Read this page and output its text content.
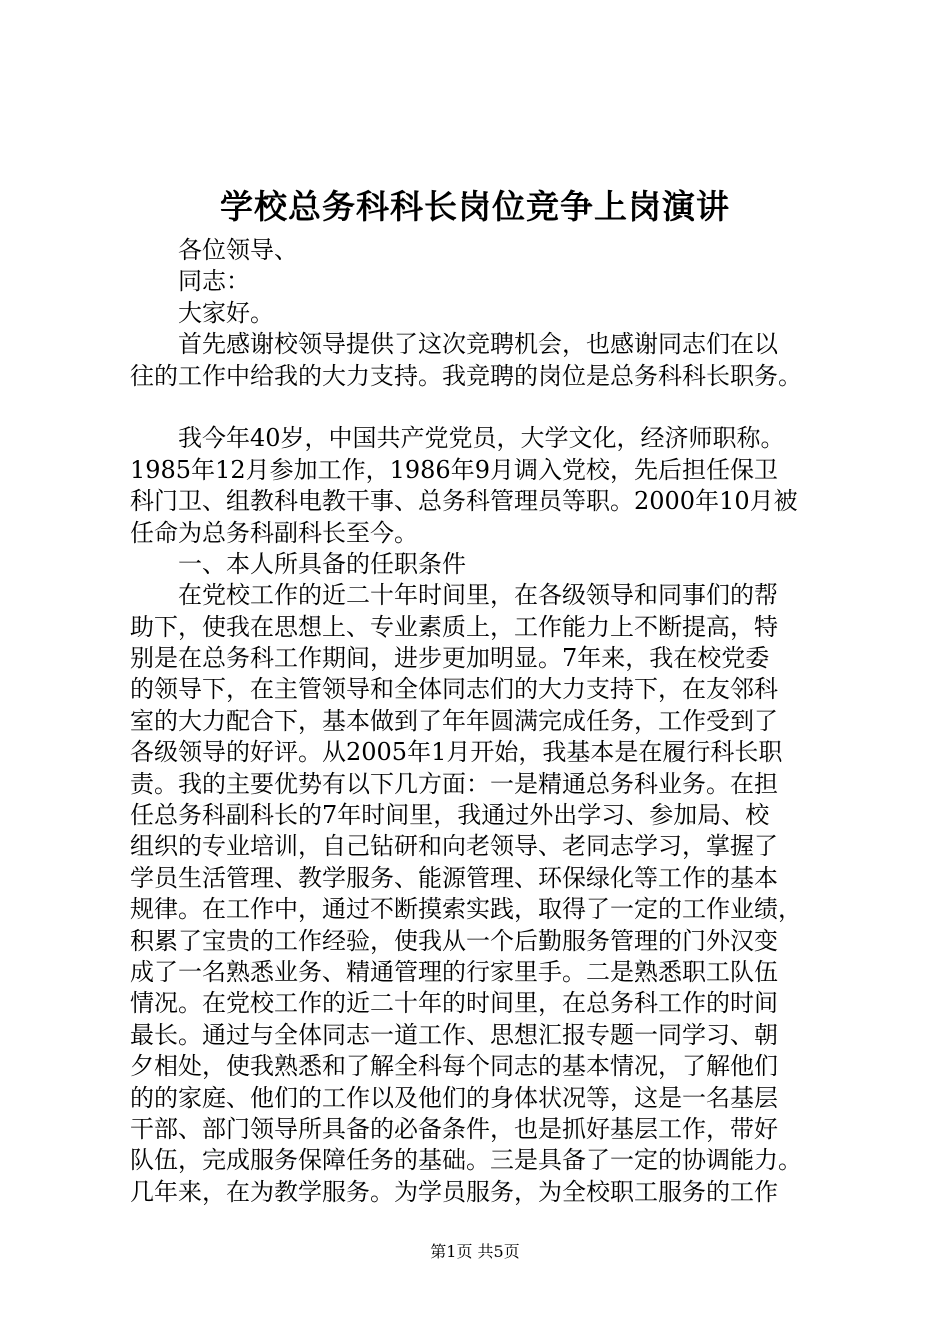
学校总务科科长岗位竞争上岗演讲
各位领导、
同志：
大家好。
首先感谢校领导提供了这次竞聘机会，也感谢同志们在以
往的工作中给我的大力支持。我竞聘的岗位是总务科科长职务。
我今年40岁，中国共产党党员，大学文化，经济师职称。
1985年12月参加工作，1986年9月调入党校，先后担任保卫
科门卫、组教科电教干事、总务科管理员等职。2000年10月被
任命为总务科副科长至今。
一、本人所具备的任职条件
在党校工作的近二十年时间里，在各级领导和同事们的帮
助下，使我在思想上、专业素质上，工作能力上不断提高，特
别是在总务科工作期间，进步更加明显。7年来，我在校党委
的领导下，在主管领导和全体同志们的大力支持下，在友邻科
室的大力配合下，基本做到了年年圆满完成任务，工作受到了
各级领导的好评。从2005年1月开始，我基本是在履行科长职
责。我的主要优势有以下几方面：一是精通总务科业务。在担
任总务科副科长的7年时间里，我通过外出学习、参加局、校
组织的专业培训，自己钻研和向老领导、老同志学习，掌握了
学员生活管理、教学服务、能源管理、环保绿化等工作的基本
规律。在工作中，通过不断摸索实践，取得了一定的工作业绩，
积累了宝贵的工作经验，使我从一个后勤服务管理的门外汉变
成了一名熟悉业务、精通管理的行家里手。二是熟悉职工队伍
情况。在党校工作的近二十年的时间里，在总务科工作的时间
最长。通过与全体同志一道工作、思想汇报专题一同学习、朝
夕相处，使我熟悉和了解全科每个同志的基本情况，了解他们
的的家庭、他们的工作以及他们的身体状况等，这是一名基层
干部、部门领导所具备的必备条件，也是抓好基层工作，带好
队伍，完成服务保障任务的基础。三是具备了一定的协调能力。
几年来，在为教学服务。为学员服务，为全校职工服务的工作
第1页 共5页
